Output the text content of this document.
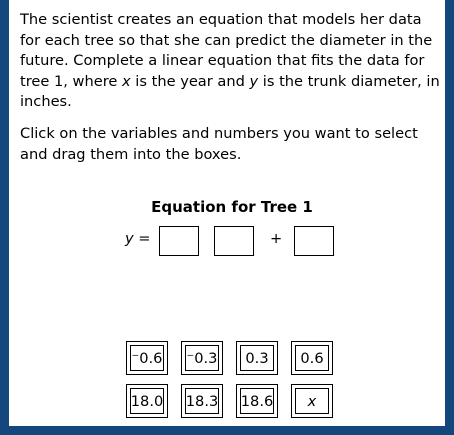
The scientist creates an equation that models her data for each tree so that she can predict the diameter in the future. Complete a linear equation that fits the data for tree 1, where x is the year and y is the trunk diameter, in inches.

Click on the variables and numbers you want to select and drag them into the boxes.

Equation for Tree 1
y =	+
⁻0.6 ⁻0.3	0.3	0.6
18.0 18.3 18.6	x
